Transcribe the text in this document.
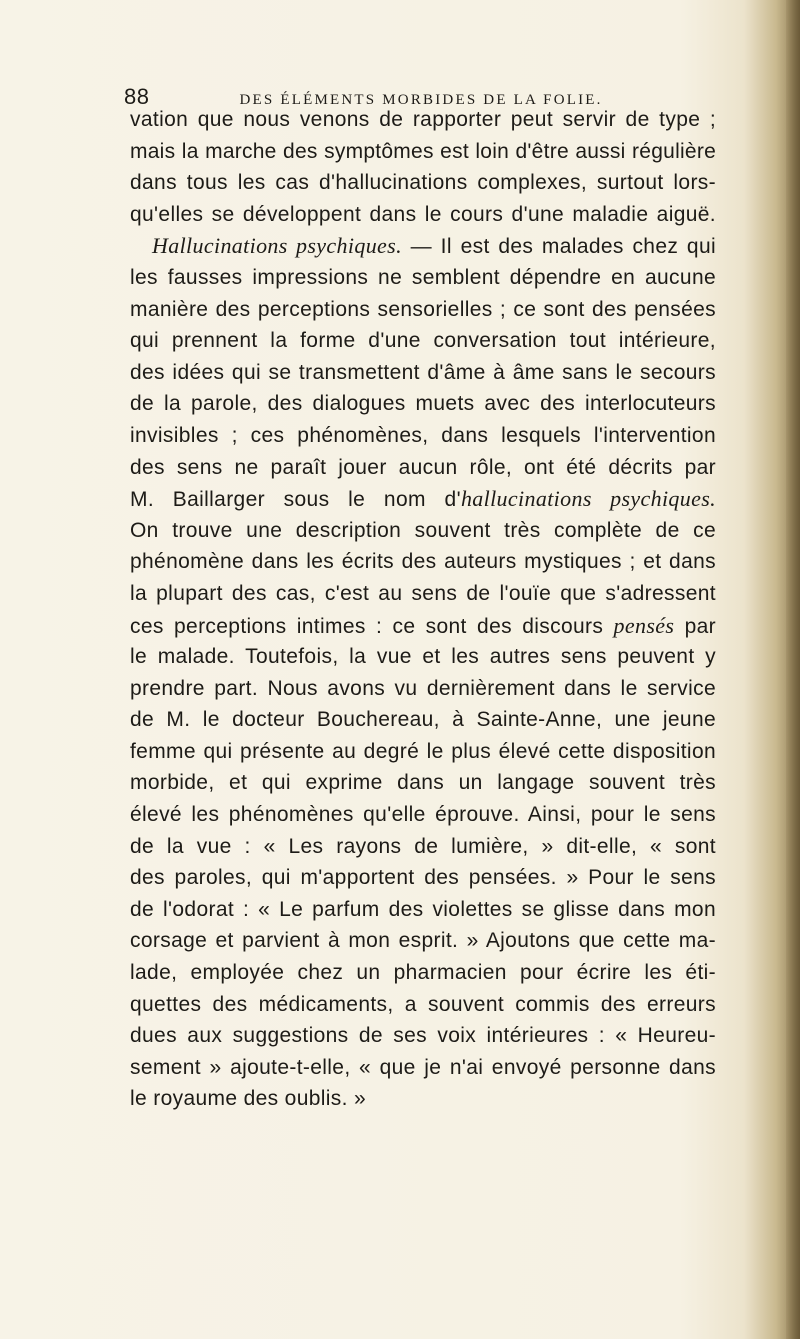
88	DES ÉLÉMENTS MORBIDES DE LA FOLIE.
vation que nous venons de rapporter peut servir de type ;
mais la marche des symptômes est loin d'être aussi régulière
dans tous les cas d'hallucinations complexes, surtout lors-
qu'elles se développent dans le cours d'une maladie aiguë.
Hallucinations psychiques. — Il est des malades chez qui
les fausses impressions ne semblent dépendre en aucune
manière des perceptions sensorielles ; ce sont des pensées
qui prennent la forme d'une conversation tout intérieure,
des idées qui se transmettent d'âme à âme sans le secours
de la parole, des dialogues muets avec des interlocuteurs
invisibles ; ces phénomènes, dans lesquels l'intervention
des sens ne paraît jouer aucun rôle, ont été décrits par
M. Baillarger sous le nom d'hallucinations psychiques.
On trouve une description souvent très complète de ce
phénomène dans les écrits des auteurs mystiques ; et dans
la plupart des cas, c'est au sens de l'ouïe que s'adressent
ces perceptions intimes : ce sont des discours pensés par
le malade. Toutefois, la vue et les autres sens peuvent y
prendre part. Nous avons vu dernièrement dans le service
de M. le docteur Bouchereau, à Sainte-Anne, une jeune
femme qui présente au degré le plus élevé cette disposition
morbide, et qui exprime dans un langage souvent très
élevé les phénomènes qu'elle éprouve. Ainsi, pour le sens
de la vue : « Les rayons de lumière, » dit-elle, « sont
des paroles, qui m'apportent des pensées. » Pour le sens
de l'odorat : « Le parfum des violettes se glisse dans mon
corsage et parvient à mon esprit. » Ajoutons que cette ma-
lade, employée chez un pharmacien pour écrire les éti-
quettes des médicaments, a souvent commis des erreurs
dues aux suggestions de ses voix intérieures : « Heureu-
sement » ajoute-t-elle, « que je n'ai envoyé personne dans
le royaume des oublis. »
